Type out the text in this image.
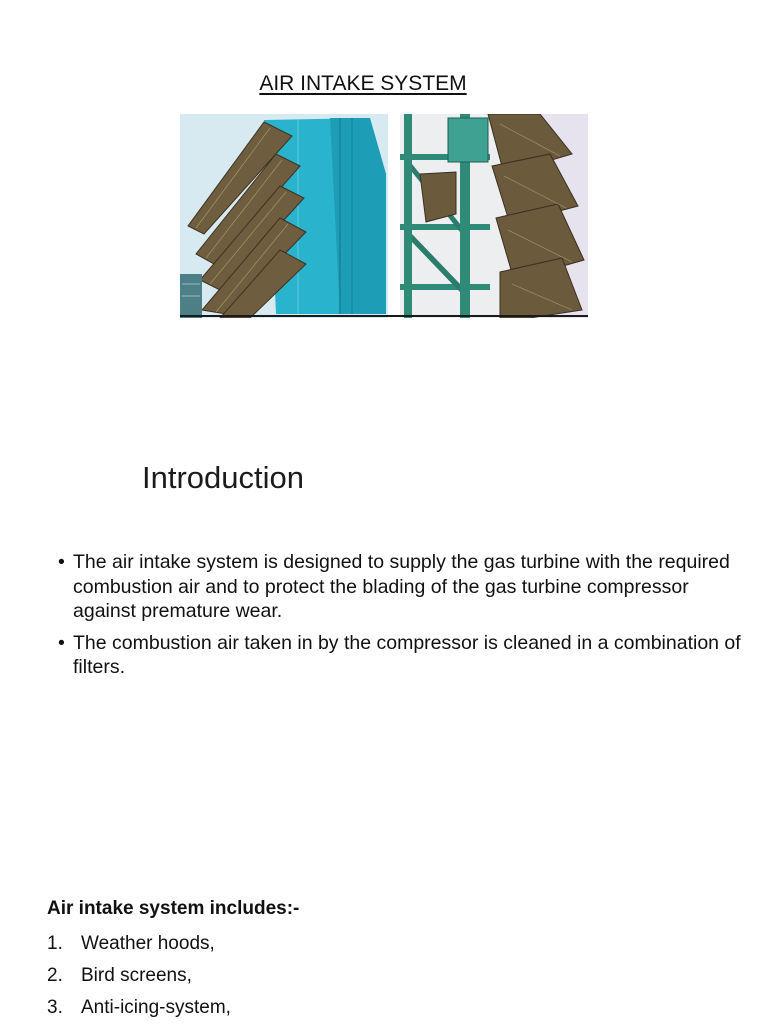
AIR INTAKE SYSTEM
Introduction
• The air intake system is designed to supply the gas turbine with the required combustion air and to protect the blading of the gas turbine compressor against premature wear.
• The combustion air taken in by the compressor is cleaned in a combination of filters.
Air intake system includes:-
1. Weather hoods,
2. Bird screens,
3. Anti-icing-system,
